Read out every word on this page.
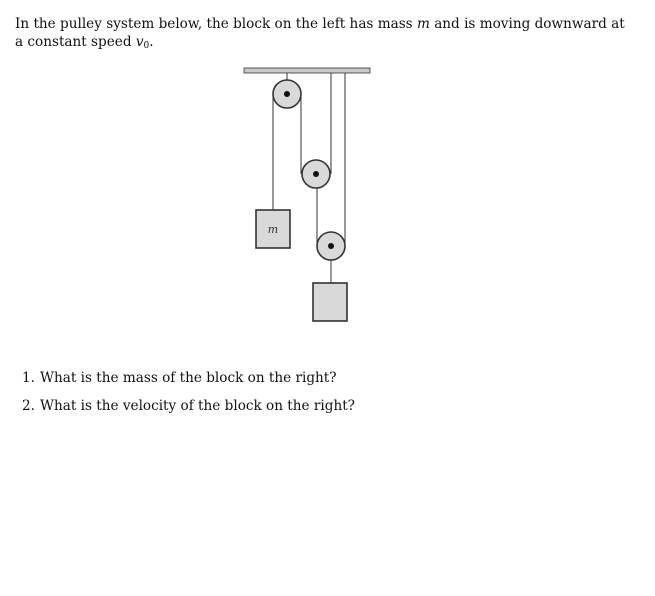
In the pulley system below, the block on the left has mass m and is moving downward at a constant speed $v_0$.
m
1. What is the mass of the block on the right?
2. What is the velocity of the block on the right?
